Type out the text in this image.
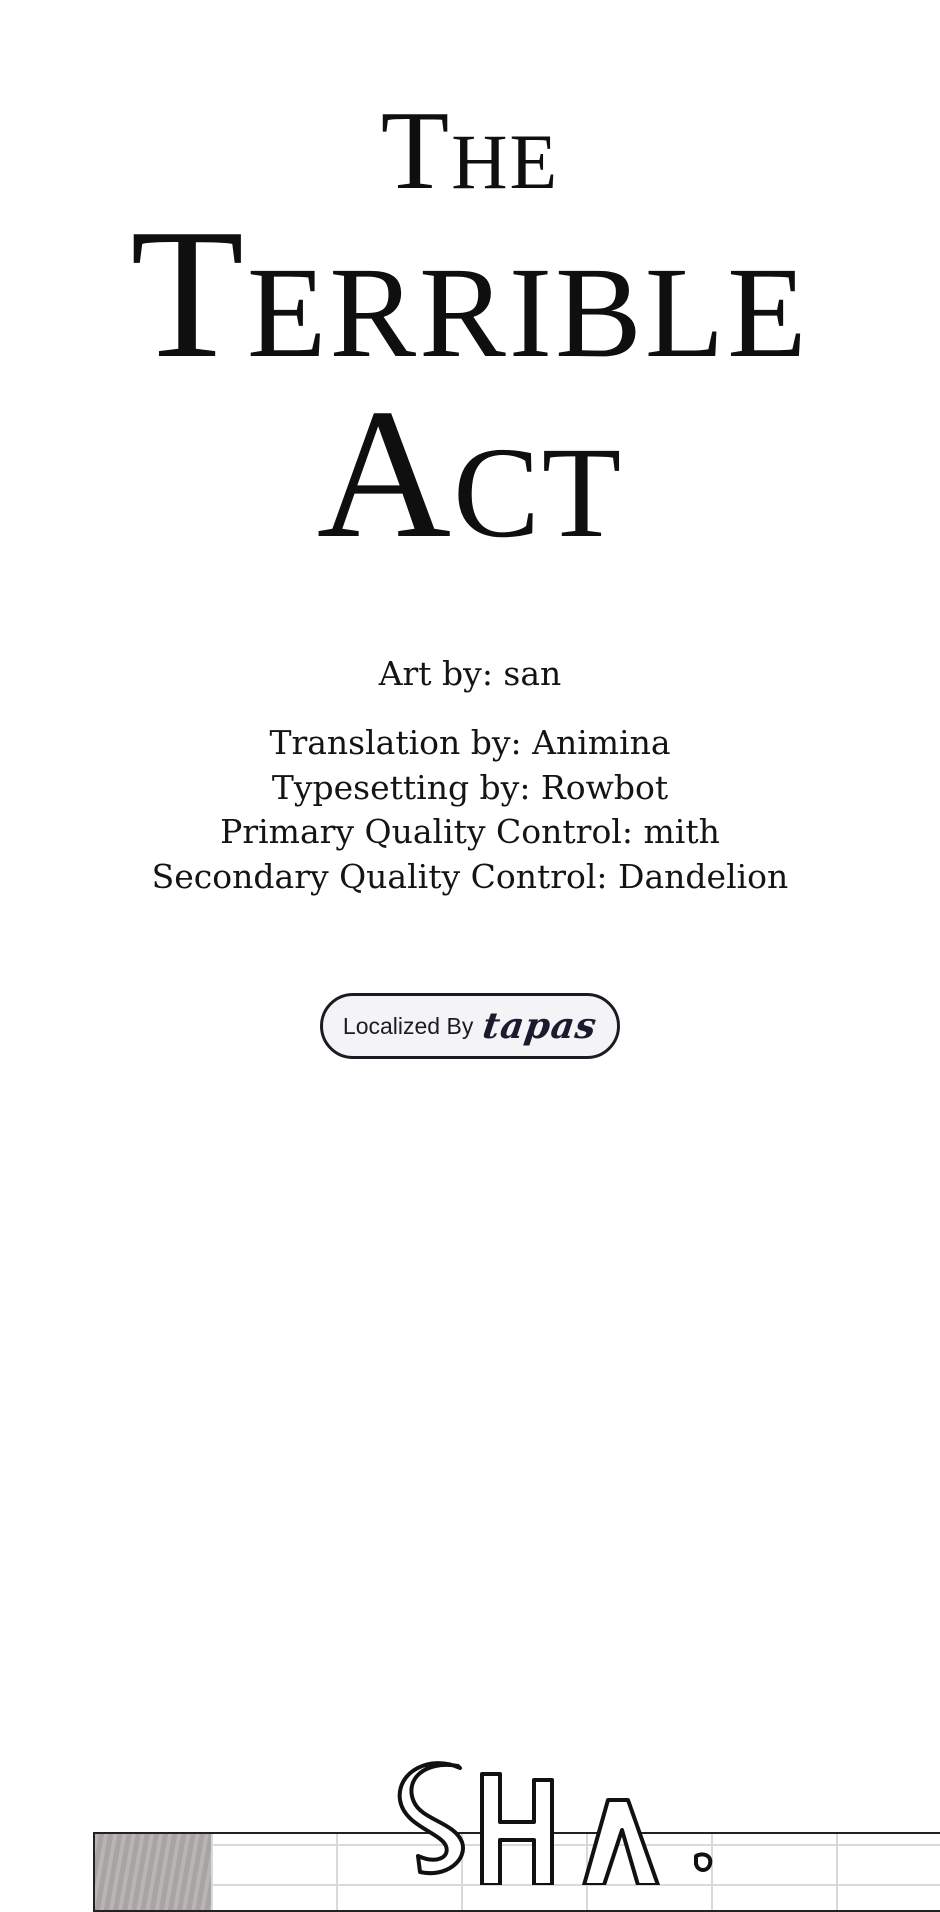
The
Terrible
Act
Art by: san
Translation by: Animina
Typesetting by: Rowbot
Primary Quality Control: mith
Secondary Quality Control: Dandelion
Localized By tapas
